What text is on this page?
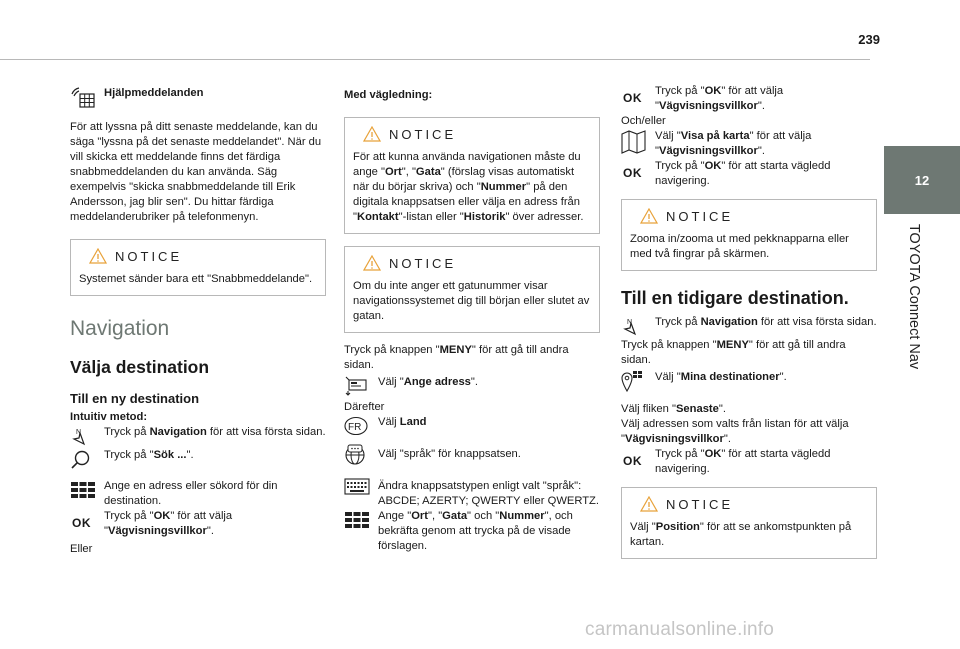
239
12
TOYOTA Connect Nav
Hjälpmeddelanden
För att lyssna på ditt senaste meddelande, kan du säga "lyssna på det senaste meddelandet". När du vill skicka ett meddelande finns det färdiga snabbmeddelanden du kan använda. Säg exempelvis "skicka snabbmeddelande till Erik Andersson, jag blir sen". Du hittar färdiga meddelanderubriker på telefonmenyn.
NOTICE
Systemet sänder bara ett "Snabbmeddelande".
Navigation
Välja destination
Till en ny destination
Intuitiv metod:
N Tryck på Navigation för att visa första sidan.
Tryck på "Sök ...".
Ange en adress eller sökord för din destination.
OK	Tryck på "OK" för att välja "Vägvisningsvillkor".
Eller
Med vägledning:
NOTICE
För att kunna använda navigationen måste du ange "Ort", "Gata" (förslag visas automatiskt när du börjar skriva) och "Nummer" på den digitala knappsatsen eller välja en adress från "Kontakt"-listan eller "Historik" över adresser.
NOTICE
Om du inte anger ett gatunummer visar navigationssystemet dig till början eller slutet av gatan.
Tryck på knappen "MENY" för att gå till andra sidan.
Välj "Ange adress".
Därefter
FR Välj Land
Välj "språk" för knappsatsen.
Ändra knappsatstypen enligt valt "språk": ABCDE; AZERTY; QWERTY eller QWERTZ.
Ange "Ort", "Gata" och "Nummer", och bekräfta genom att trycka på de visade förslagen.
OK	Tryck på "OK" för att välja "Vägvisningsvillkor".
Och/eller
Välj "Visa på karta" för att välja "Vägvisningsvillkor".
OK	Tryck på "OK" för att starta vägledd navigering.
NOTICE
Zooma in/zooma ut med pekknapparna eller med två fingrar på skärmen.
Till en tidigare destination.
N Tryck på Navigation för att visa första sidan.
Tryck på knappen "MENY" för att gå till andra sidan.
Välj "Mina destinationer".
Välj fliken "Senaste".
Välj adressen som valts från listan för att välja "Vägvisningsvillkor".
OK	Tryck på "OK" för att starta vägledd navigering.
NOTICE
Välj "Position" för att se ankomstpunkten på kartan.
carmanualsonline.info
